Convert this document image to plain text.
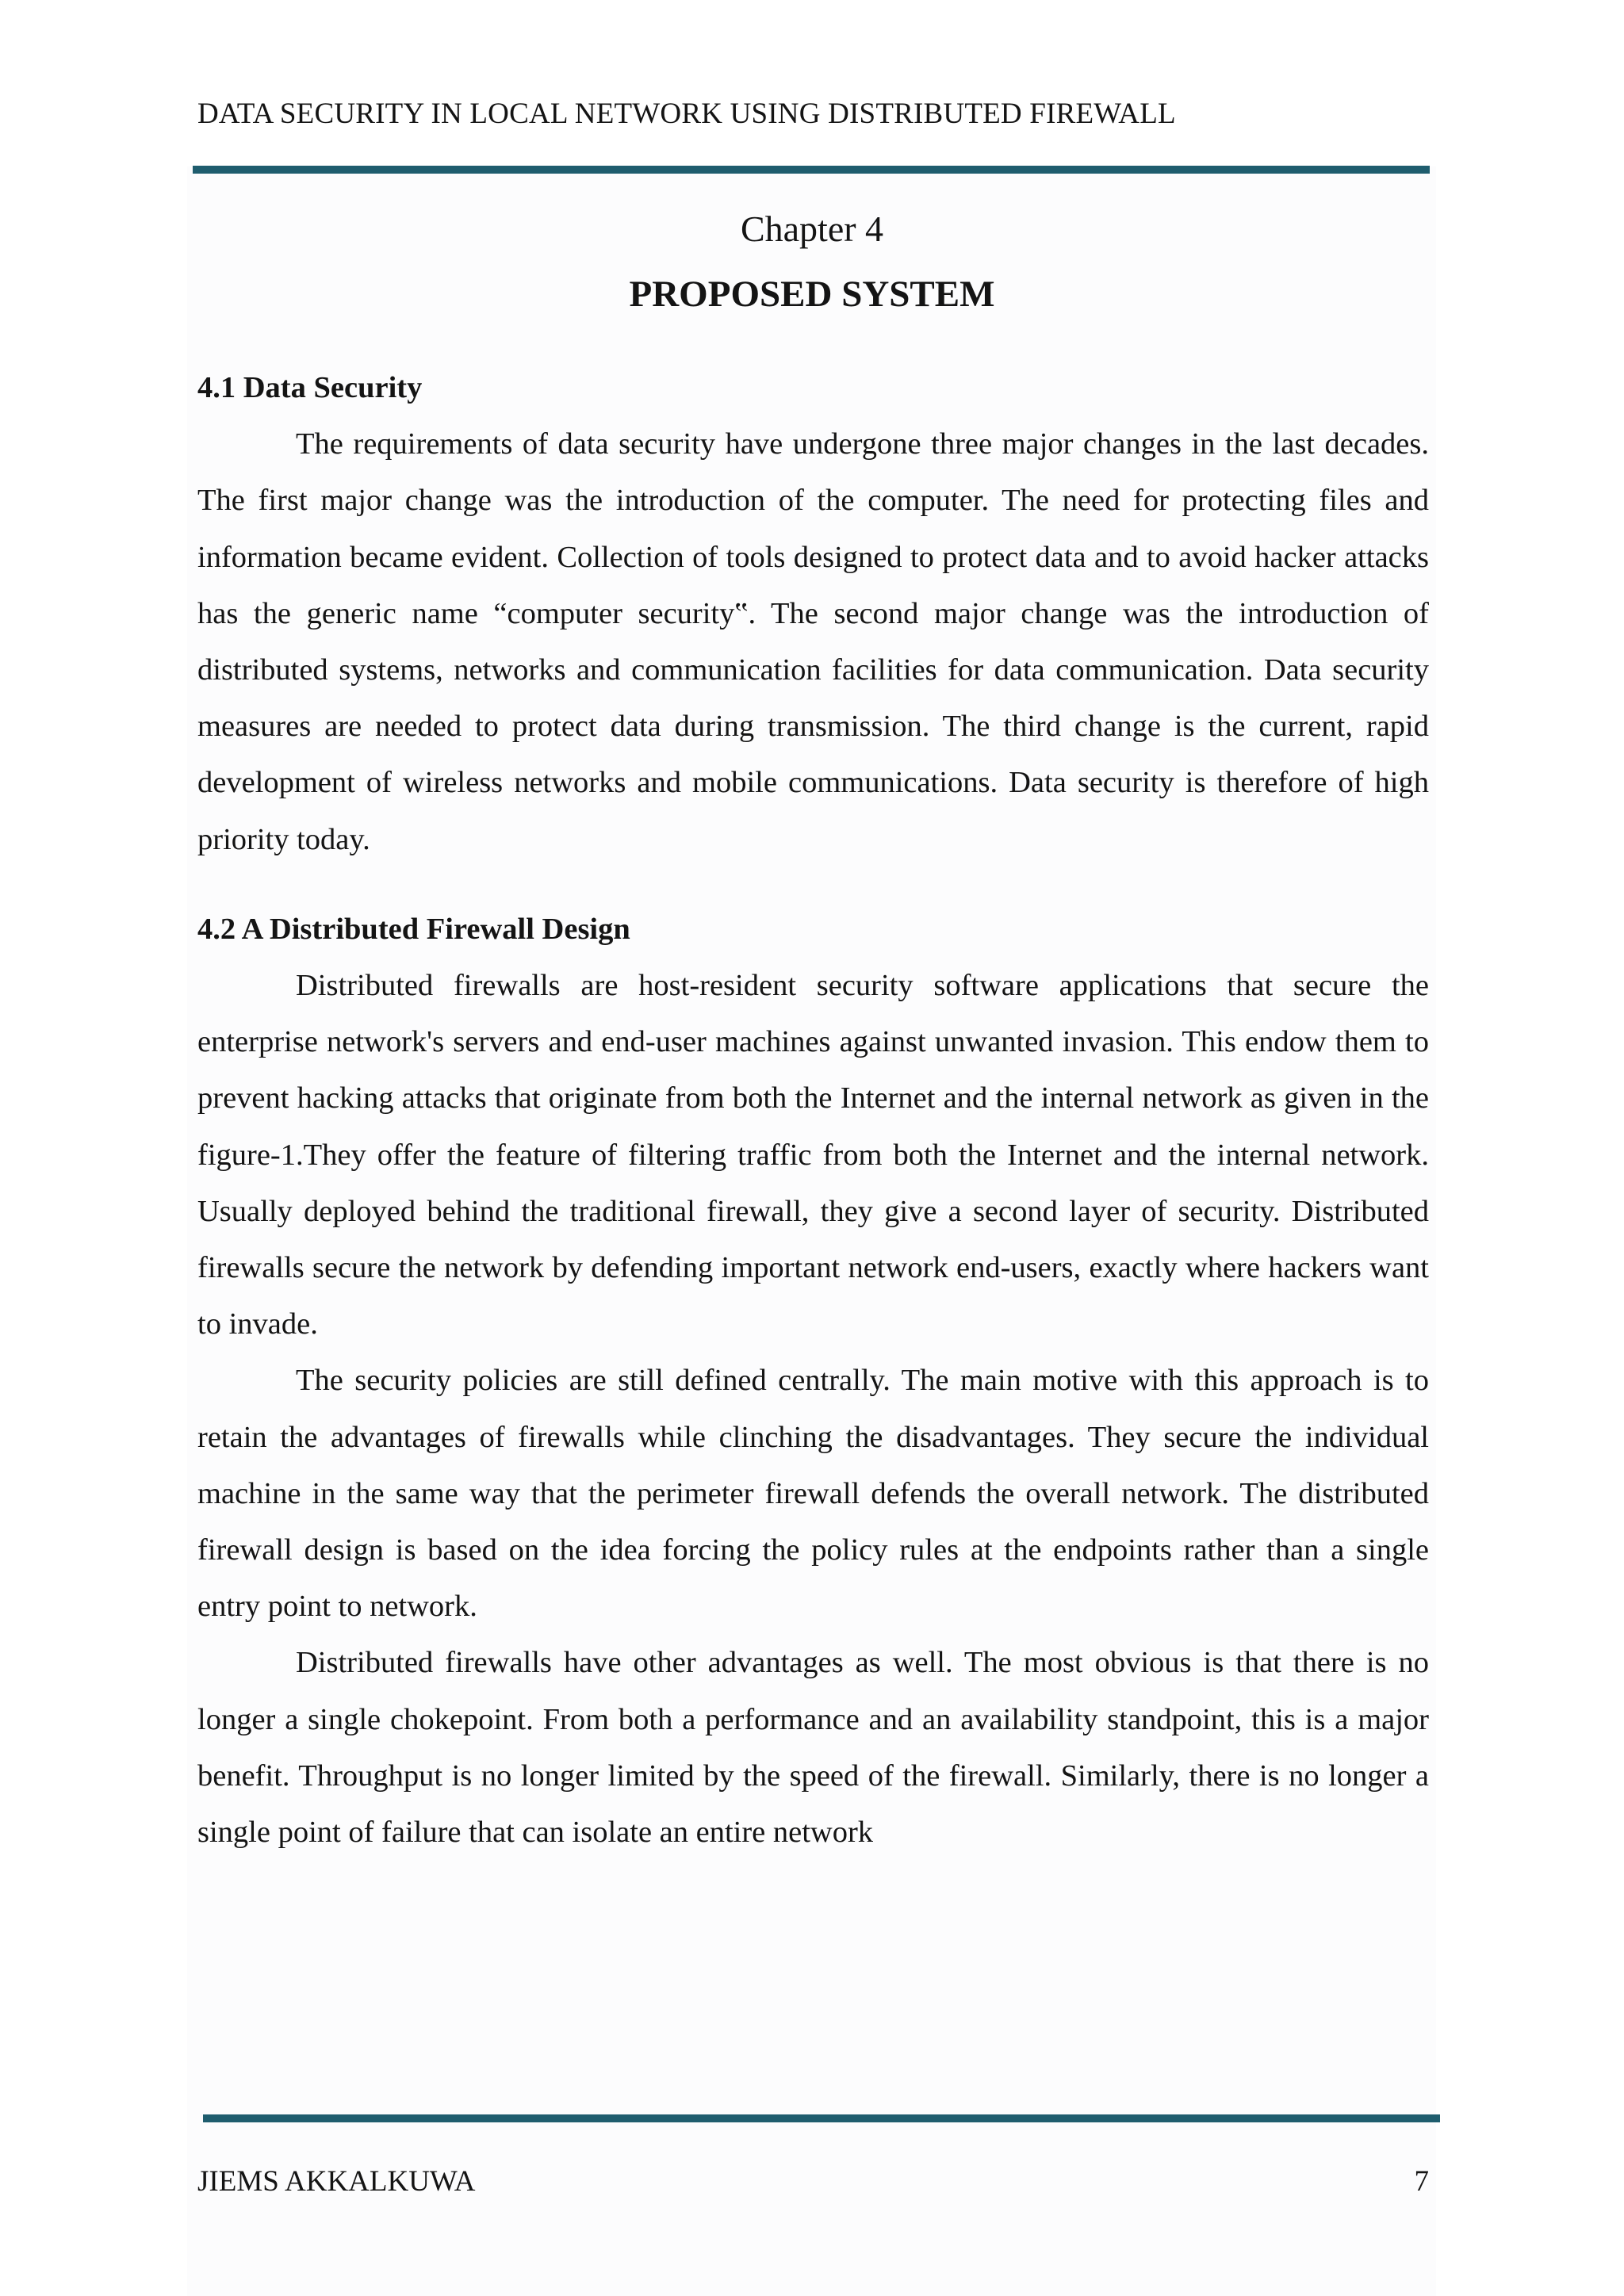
DATA SECURITY IN LOCAL NETWORK USING DISTRIBUTED FIREWALL
Chapter 4
PROPOSED SYSTEM
4.1 Data Security

The requirements of data security have undergone three major changes in the last decades. The first major change was the introduction of the computer. The need for protecting files and information became evident. Collection of tools designed to protect data and to avoid hacker attacks has the generic name “computer security‟. The second major change was the introduction of distributed systems, networks and communication facilities for data communication. Data security measures are needed to protect data during transmission. The third change is the current, rapid development of wireless networks and mobile communications. Data security is therefore of high priority today.

4.2 A Distributed Firewall Design

Distributed firewalls are host-resident security software applications that secure the enterprise network's servers and end-user machines against unwanted invasion. This endow them to prevent hacking attacks that originate from both the Internet and the internal network as given in the figure-1.They offer the feature of filtering traffic from both the Internet and the internal network. Usually deployed behind the traditional firewall, they give a second layer of security. Distributed firewalls secure the network by defending important network end-users, exactly where hackers want to invade.

The security policies are still defined centrally. The main motive with this approach is to retain the advantages of firewalls while clinching the disadvantages. They secure the individual machine in the same way that the perimeter firewall defends the overall network. The distributed firewall design is based on the idea forcing the policy rules at the endpoints rather than a single entry point to network.

Distributed firewalls have other advantages as well. The most obvious is that there is no longer a single chokepoint. From both a performance and an availability standpoint, this is a major benefit. Throughput is no longer limited by the speed of the firewall. Similarly, there is no longer a single point of failure that can isolate an entire network

JIEMS AKKALKUWA	7
